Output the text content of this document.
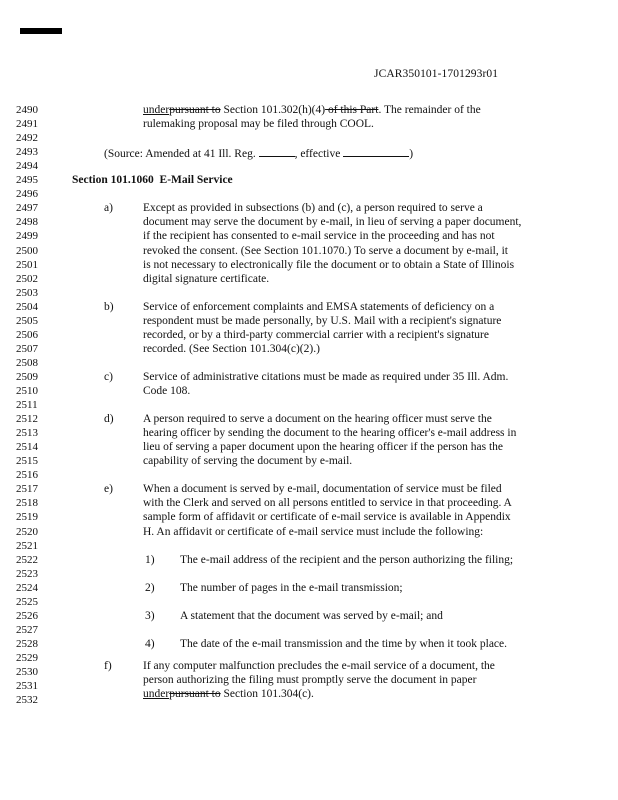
JCAR350101-1701293r01
2490
2491
2492
2493
2494
2495
2496
2497
2498
2499
2500
2501
2502
2503
2504
2505
2506
2507
2508
2509
2510
2511
2512
2513
2514
2515
2516
2517
2518
2519
2520
2521
2522
2523
2524
2525
2526
2527
2528
2529
2530
2531
2532
underpursuant to Section 101.302(h)(4) of this Part. The remainder of the
rulemaking proposal may be filed through COOL.
(Source: Amended at 41 Ill. Reg.	, effective	)
Section 101.1060 E-Mail Service
a)	Except as provided in subsections (b) and (c), a person required to serve a
document may serve the document by e-mail, in lieu of serving a paper document,
if the recipient has consented to e-mail service in the proceeding and has not
revoked the consent. (See Section 101.1070.) To serve a document by e-mail, it
is not necessary to electronically file the document or to obtain a State of Illinois
digital signature certificate.
b)	Service of enforcement complaints and EMSA statements of deficiency on a
respondent must be made personally, by U.S. Mail with a recipient's signature
recorded, or by a third-party commercial carrier with a recipient's signature
recorded. (See Section 101.304(c)(2).)
c)	Service of administrative citations must be made as required under 35 Ill. Adm.
Code 108.
d)	A person required to serve a document on the hearing officer must serve the
hearing officer by sending the document to the hearing officer's e-mail address in
lieu of serving a paper document upon the hearing officer if the person has the
capability of serving the document by e-mail.
e)	When a document is served by e-mail, documentation of service must be filed
with the Clerk and served on all persons entitled to service in that proceeding. A
sample form of affidavit or certificate of e-mail service is available in Appendix
H. An affidavit or certificate of e-mail service must include the following:
1) The e-mail address of the recipient and the person authorizing the filing;
2) The number of pages in the e-mail transmission;
3) A statement that the document was served by e-mail; and
4) The date of the e-mail transmission and the time by when it took place.
f)	If any computer malfunction precludes the e-mail service of a document, the
person authorizing the filing must promptly serve the document in paper
underpursuant to Section 101.304(c).
